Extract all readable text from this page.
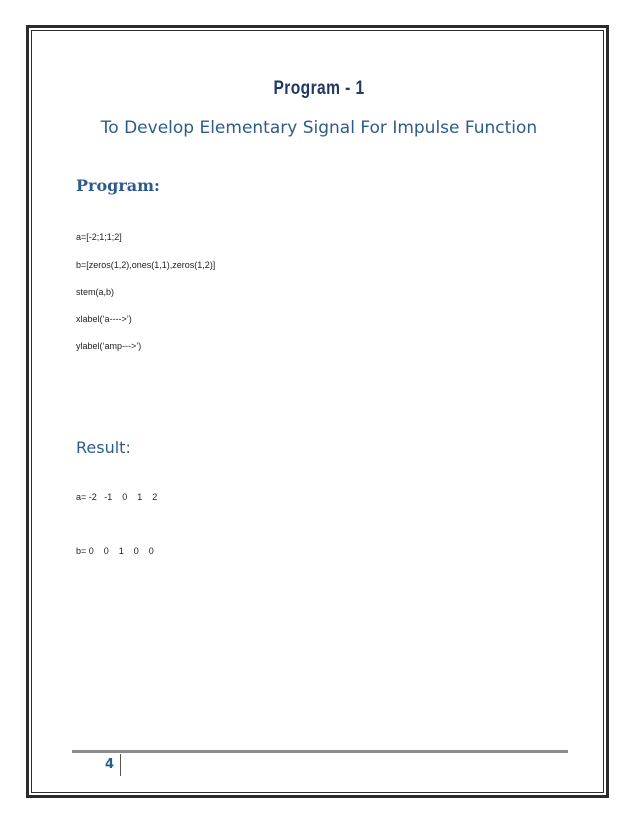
Program - 1
To Develop Elementary Signal For Impulse Function
Program:
a=[-2;1;1;2]
b=[zeros(1,2),ones(1,1),zeros(1,2)]
stem(a,b)
xlabel(‘a---->’)
ylabel(‘amp--->’)
Result:
a= -2   -1    0    1    2
b= 0    0    1    0    0
4
